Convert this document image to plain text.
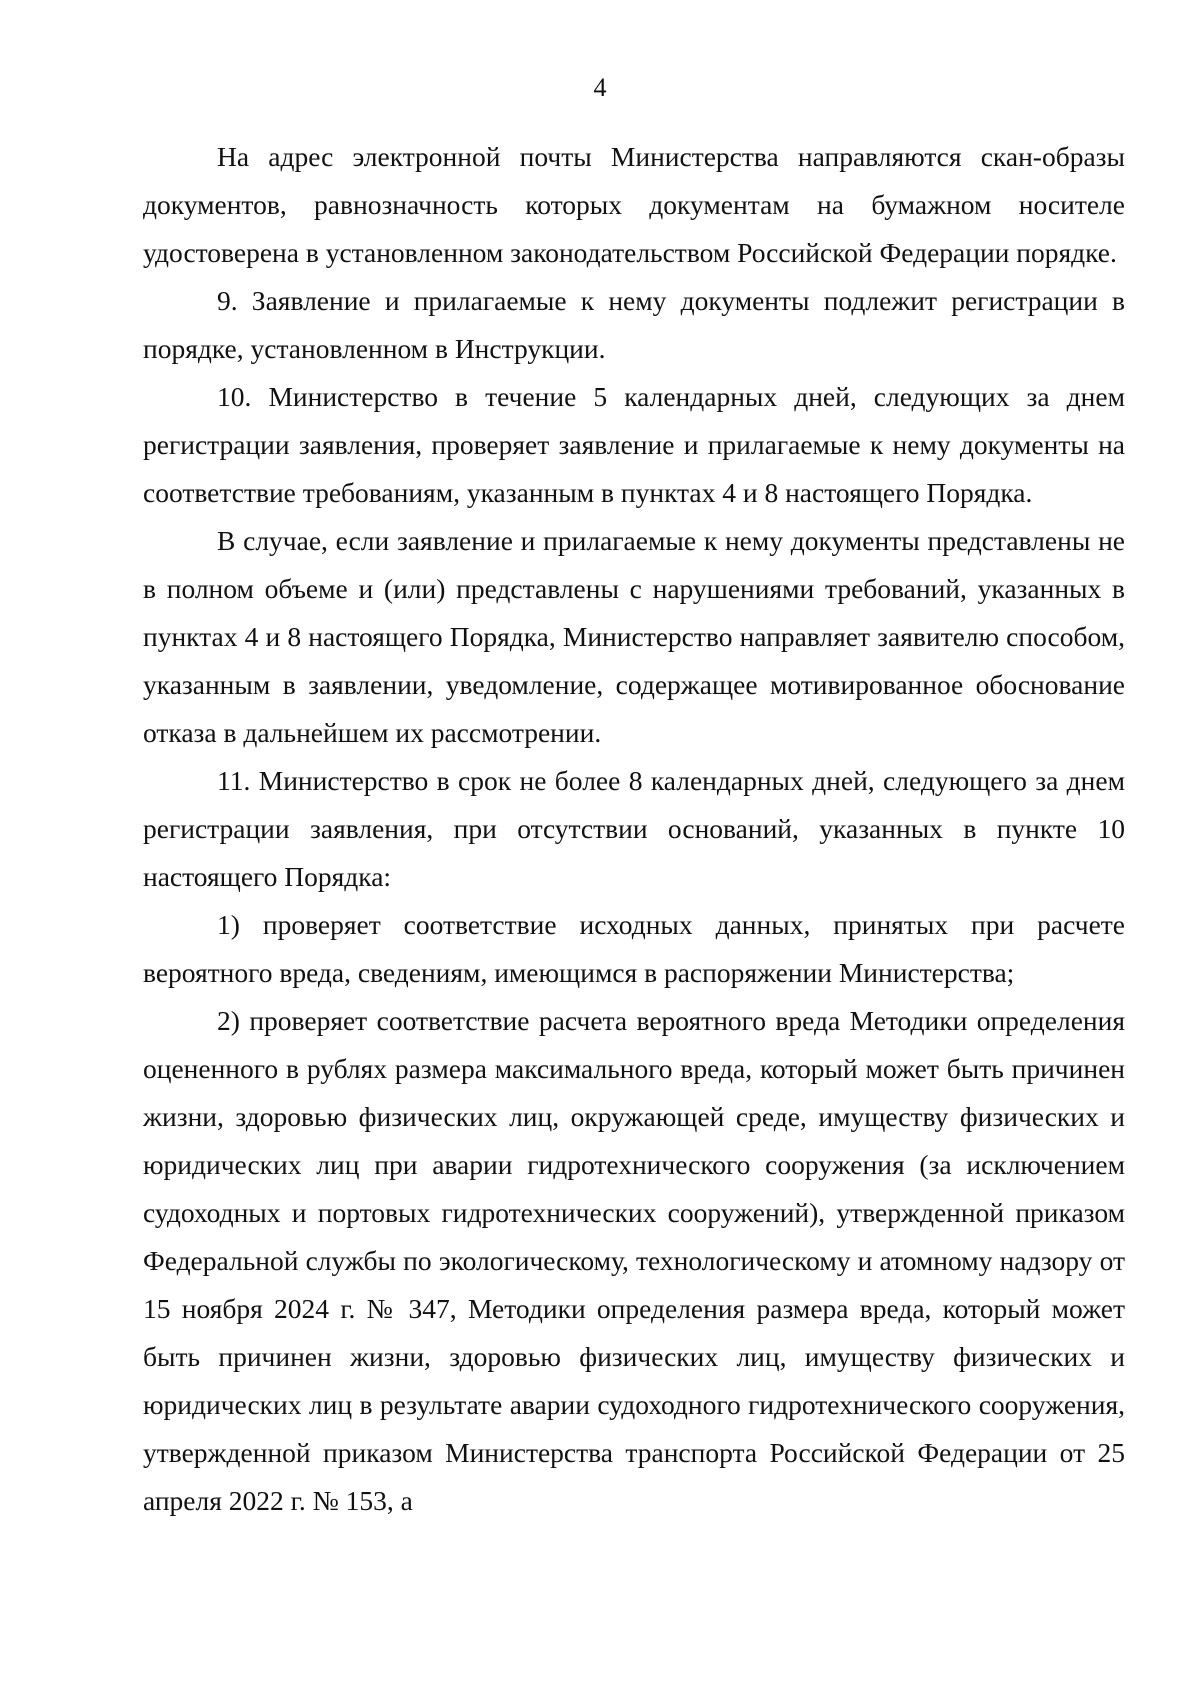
4

На адрес электронной почты Министерства направляются скан-образы документов, равнозначность которых документам на бумажном носителе удостоверена в установленном законодательством Российской Федерации порядке.

9. Заявление и прилагаемые к нему документы подлежит регистрации в порядке, установленном в Инструкции.

10. Министерство в течение 5 календарных дней, следующих за днем регистрации заявления, проверяет заявление и прилагаемые к нему документы на соответствие требованиям, указанным в пунктах 4 и 8 настоящего Порядка.

В случае, если заявление и прилагаемые к нему документы представлены не в полном объеме и (или) представлены с нарушениями требований, указанных в пунктах 4 и 8 настоящего Порядка, Министерство направляет заявителю способом, указанным в заявлении, уведомление, содержащее мотивированное обоснование отказа в дальнейшем их рассмотрении.

11. Министерство в срок не более 8 календарных дней, следующего за днем регистрации заявления, при отсутствии оснований, указанных в пункте 10 настоящего Порядка:

1) проверяет соответствие исходных данных, принятых при расчете вероятного вреда, сведениям, имеющимся в распоряжении Министерства;

2) проверяет соответствие расчета вероятного вреда Методики определения оцененного в рублях размера максимального вреда, который может быть причинен жизни, здоровью физических лиц, окружающей среде, имуществу физических и юридических лиц при аварии гидротехнического сооружения (за исключением судоходных и портовых гидротехнических сооружений), утвержденной приказом Федеральной службы по экологическому, технологическому и атомному надзору от 15 ноября 2024 г. № 347, Методики определения размера вреда, который может быть причинен жизни, здоровью физических лиц, имуществу физических и юридических лиц в результате аварии судоходного гидротехнического сооружения, утвержденной приказом Министерства транспорта Российской Федерации от 25 апреля 2022 г. № 153, а
